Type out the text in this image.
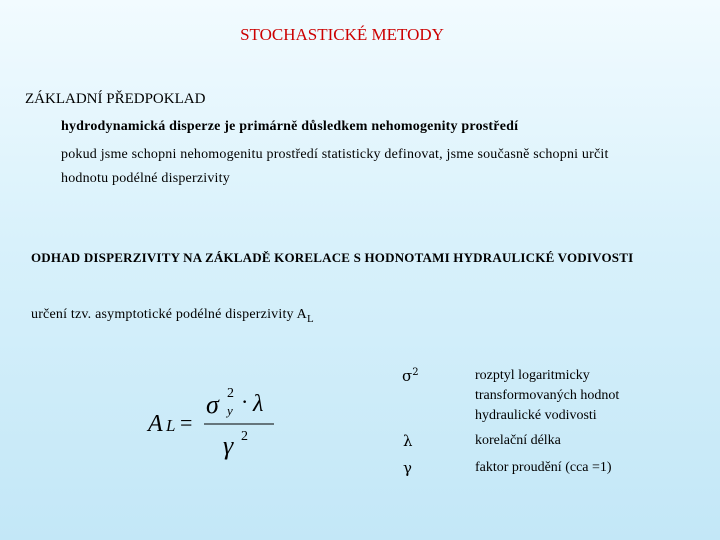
STOCHASTICKÉ METODY
ZÁKLADNÍ PŘEDPOKLAD
hydrodynamická disperze je primárně důsledkem nehomogenity prostředí
pokud jsme schopni nehomogenitu prostředí statisticky definovat, jsme současně schopni určit
hodnotu podélné disperzivity
ODHAD DISPERZIVITY NA ZÁKLADĚ KORELACE S HODNOTAMI HYDRAULICKÉ VODIVOSTI
určení tzv. asymptotické podélné disperzivity $A_L$
A L =
σ 2
y · λ
γ 2
$\sigma^2$	rozptyl logaritmicky
transformovaných hodnot
hydraulické vodivosti
λ	korelační délka
γ	faktor proudění (cca =1)
